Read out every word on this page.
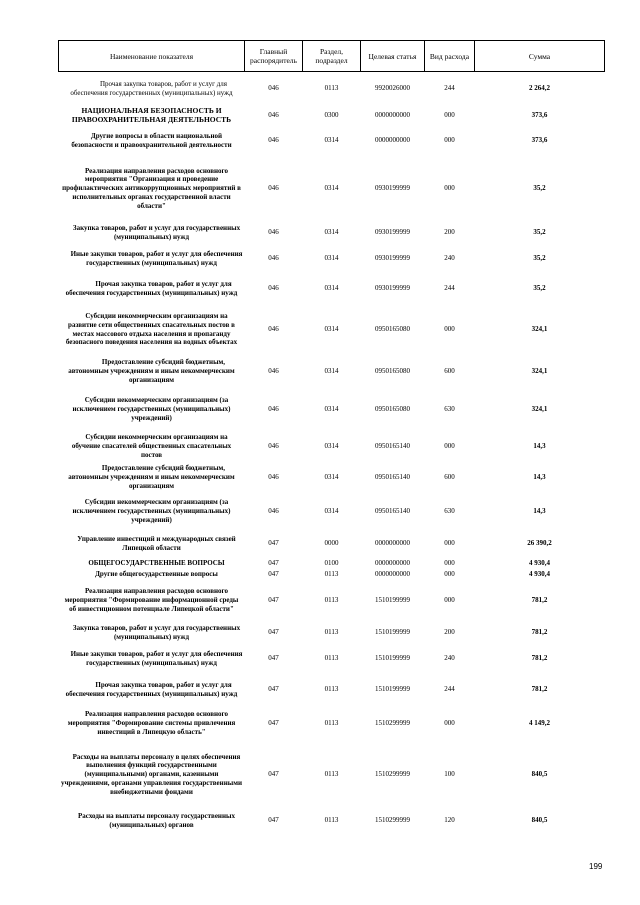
Наименование показателя	Главный распорядитель	Раздел, подраздел	Целевая статья	Вид расхода	Сумма

Прочая закупка товаров, работ и услуг для обеспечения государственных (муниципальных) нужд	046	0113	9920026000	244	2 264,2
НАЦИОНАЛЬНАЯ БЕЗОПАСНОСТЬ И ПРАВООХРАНИТЕЛЬНАЯ ДЕЯТЕЛЬНОСТЬ	046	0300	0000000000	000	373,6

Другие вопросы в области национальной безопасности и правоохранительной деятельности	046	0314	0000000000	000	373,6

Реализация направления расходов основного мероприятия "Организация и проведение профилактических антикоррупционных мероприятий в исполнительных органах государственной власти области"	046	0314	0930199999	000	35,2

Закупка товаров, работ и услуг для государственных (муниципальных) нужд	046	0314	0930199999	200	35,2

Иные закупки товаров, работ и услуг для обеспечения государственных (муниципальных) нужд	046	0314	0930199999	240	35,2

Прочая закупка товаров, работ и услуг для обеспечения государственных (муниципальных) нужд	046	0314	0930199999	244	35,2

Субсидии некоммерческим организациям на развитие сети общественных спасательных постов в местах массового отдыха населения и пропаганду безопасного поведения населения на водных объектах	046	0314	0950165080	000	324,1

Предоставление субсидий бюджетным, автономным учреждениям и иным некоммерческим организациям	046	0314	0950165080	600	324,1

Субсидии некоммерческим организациям (за исключением государственных (муниципальных) учреждений)	046	0314	0950165080	630	324,1

Субсидии некоммерческим организациям на обучение спасателей общественных спасательных постов	046	0314	0950165140	000	14,3

Предоставление субсидий бюджетным, автономным учреждениям и иным некоммерческим организациям	046	0314	0950165140	600	14,3

Субсидии некоммерческим организациям (за исключением государственных (муниципальных) учреждений)	046	0314	0950165140	630	14,3

Управление инвестиций и международных связей Липецкой области	047	0000	0000000000	000	26 390,2

ОБЩЕГОСУДАРСТВЕННЫЕ ВОПРОСЫ	047	0100	0000000000	000	4 930,4

Другие общегосударственные вопросы	047	0113	0000000000	000	4 930,4

Реализация направления расходов основного мероприятия "Формирование информационной среды об инвестиционном потенциале Липецкой области"	047	0113	1510199999	000	781,2

Закупка товаров, работ и услуг для государственных (муниципальных) нужд	047	0113	1510199999	200	781,2

Иные закупки товаров, работ и услуг для обеспечения государственных (муниципальных) нужд	047	0113	1510199999	240	781,2

Прочая закупка товаров, работ и услуг для обеспечения государственных (муниципальных) нужд	047	0113	1510199999	244	781,2

Реализация направления расходов основного мероприятия "Формирование системы привлечения инвестиций в Липецкую область"	047	0113	1510299999	000	4 149,2

Расходы на выплаты персоналу в целях обеспечения выполнения функций государственными (муниципальными) органами, казенными учреждениями, органами управления государственными внебюджетными фондами	047	0113	1510299999	100	840,5

Расходы на выплаты персоналу государственных (муниципальных) органов	047	0113	1510299999	120	840,5
199
